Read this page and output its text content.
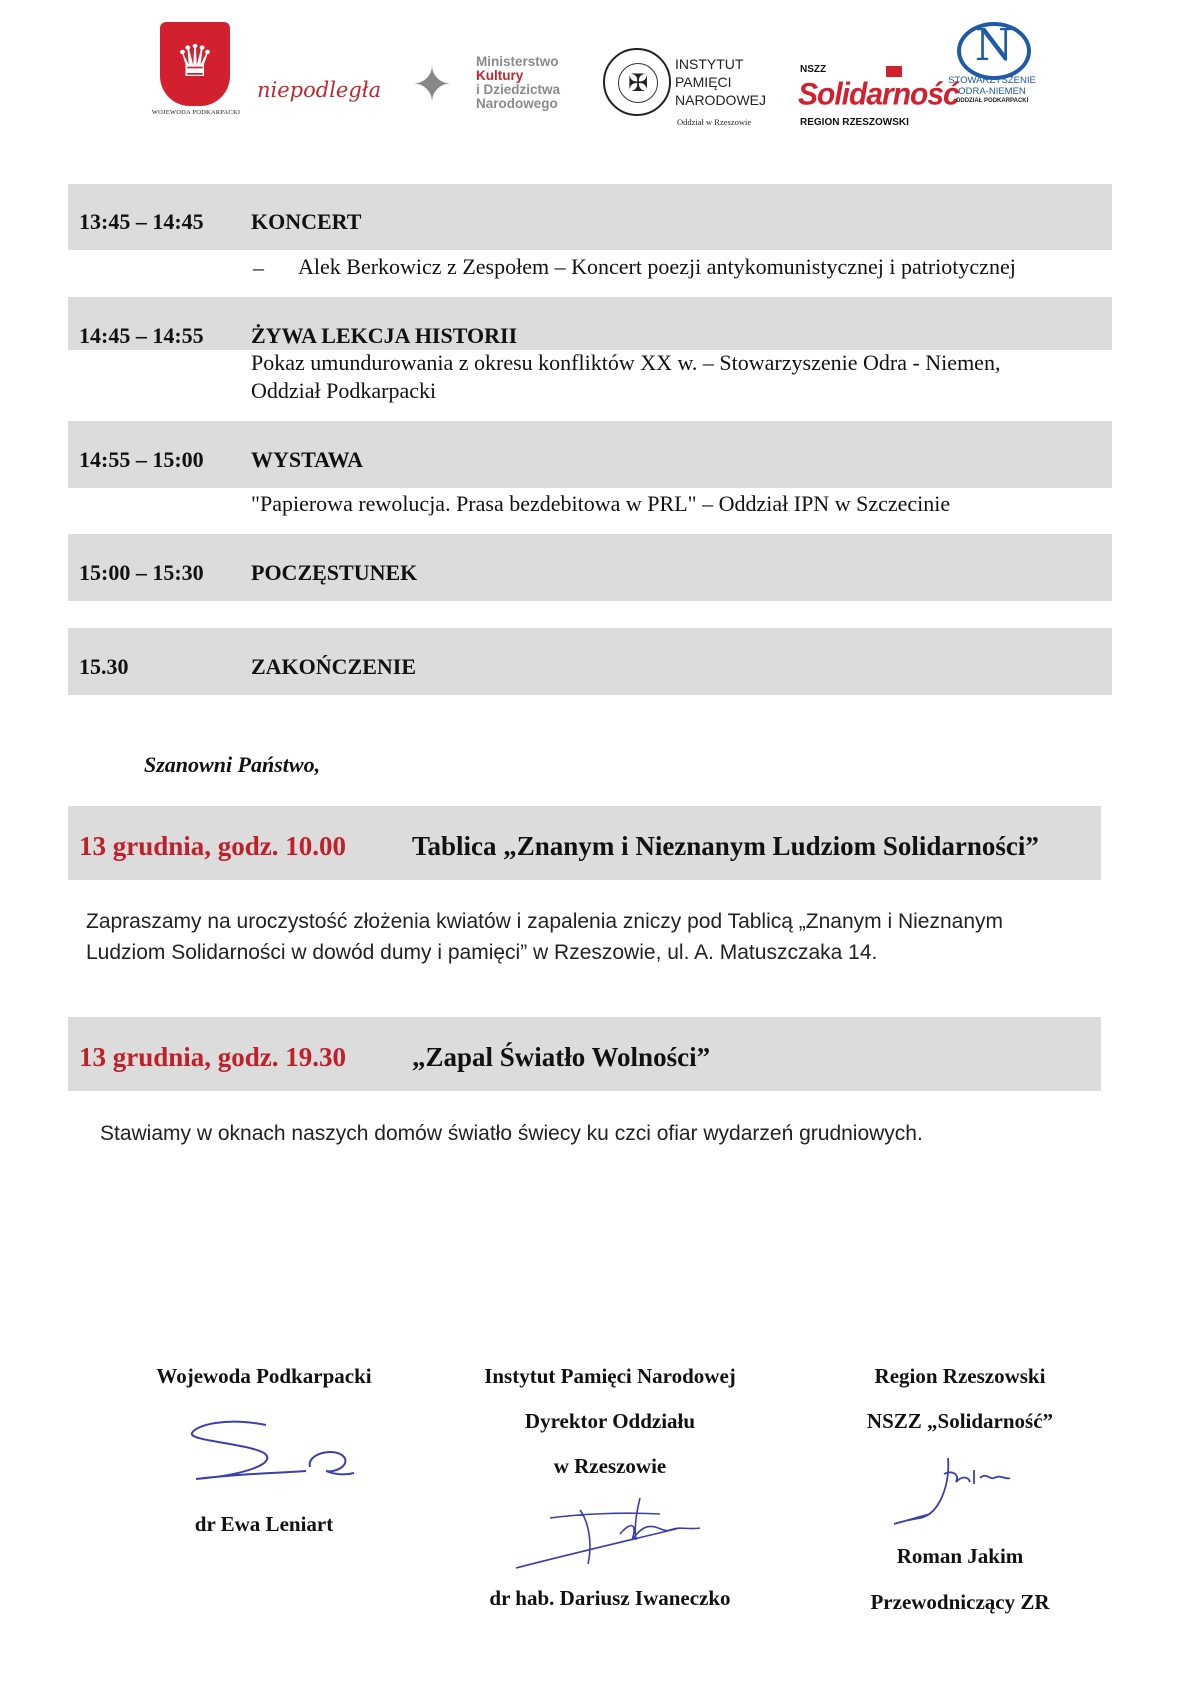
♛
WOJEWODA PODKARPACKI
niepodległa ✦	Ministerstwo
Kultury
i Dziedzictwa
Narodowego
✠
INSTYTUT
PAMIĘCI
NARODOWEJ
Oddział w Rzeszowie
NSZZ
Solidarność
REGION RZESZOWSKI
N
STOWARZYSZENIE
ODRA-NIEMEN
ODDZIAŁ PODKARPACKI
13:45 – 14:45 KONCERT
– Alek Berkowicz z Zespołem – Koncert poezji antykomunistycznej i patriotycznej
14:45 – 14:55 ŻYWA LEKCJA HISTORII
Pokaz umundurowania z okresu konfliktów XX w. – Stowarzyszenie Odra - Niemen,
Oddział Podkarpacki
14:55 – 15:00 WYSTAWA
"Papierowa rewolucja. Prasa bezdebitowa w PRL" – Oddział IPN w Szczecinie
15:00 – 15:30 POCZĘSTUNEK
15.30	ZAKOŃCZENIE
Szanowni Państwo,
13 grudnia, godz. 10.00 Tablica „Znanym i Nieznanym Ludziom Solidarności”
Zapraszamy na uroczystość złożenia kwiatów i zapalenia zniczy pod Tablicą „Znanym i Nieznanym
Ludziom Solidarności w dowód dumy i pamięci” w Rzeszowie, ul. A. Matuszczaka 14.
13 grudnia, godz. 19.30 „Zapal Światło Wolności”
Stawiamy w oknach naszych domów światło świecy ku czci ofiar wydarzeń grudniowych.
Wojewoda Podkarpacki
dr Ewa Leniart
Instytut Pamięci Narodowej
Dyrektor Oddziału
w Rzeszowie
dr hab. Dariusz Iwaneczko
Region Rzeszowski
NSZZ „Solidarność”
Roman Jakim
Przewodniczący ZR
